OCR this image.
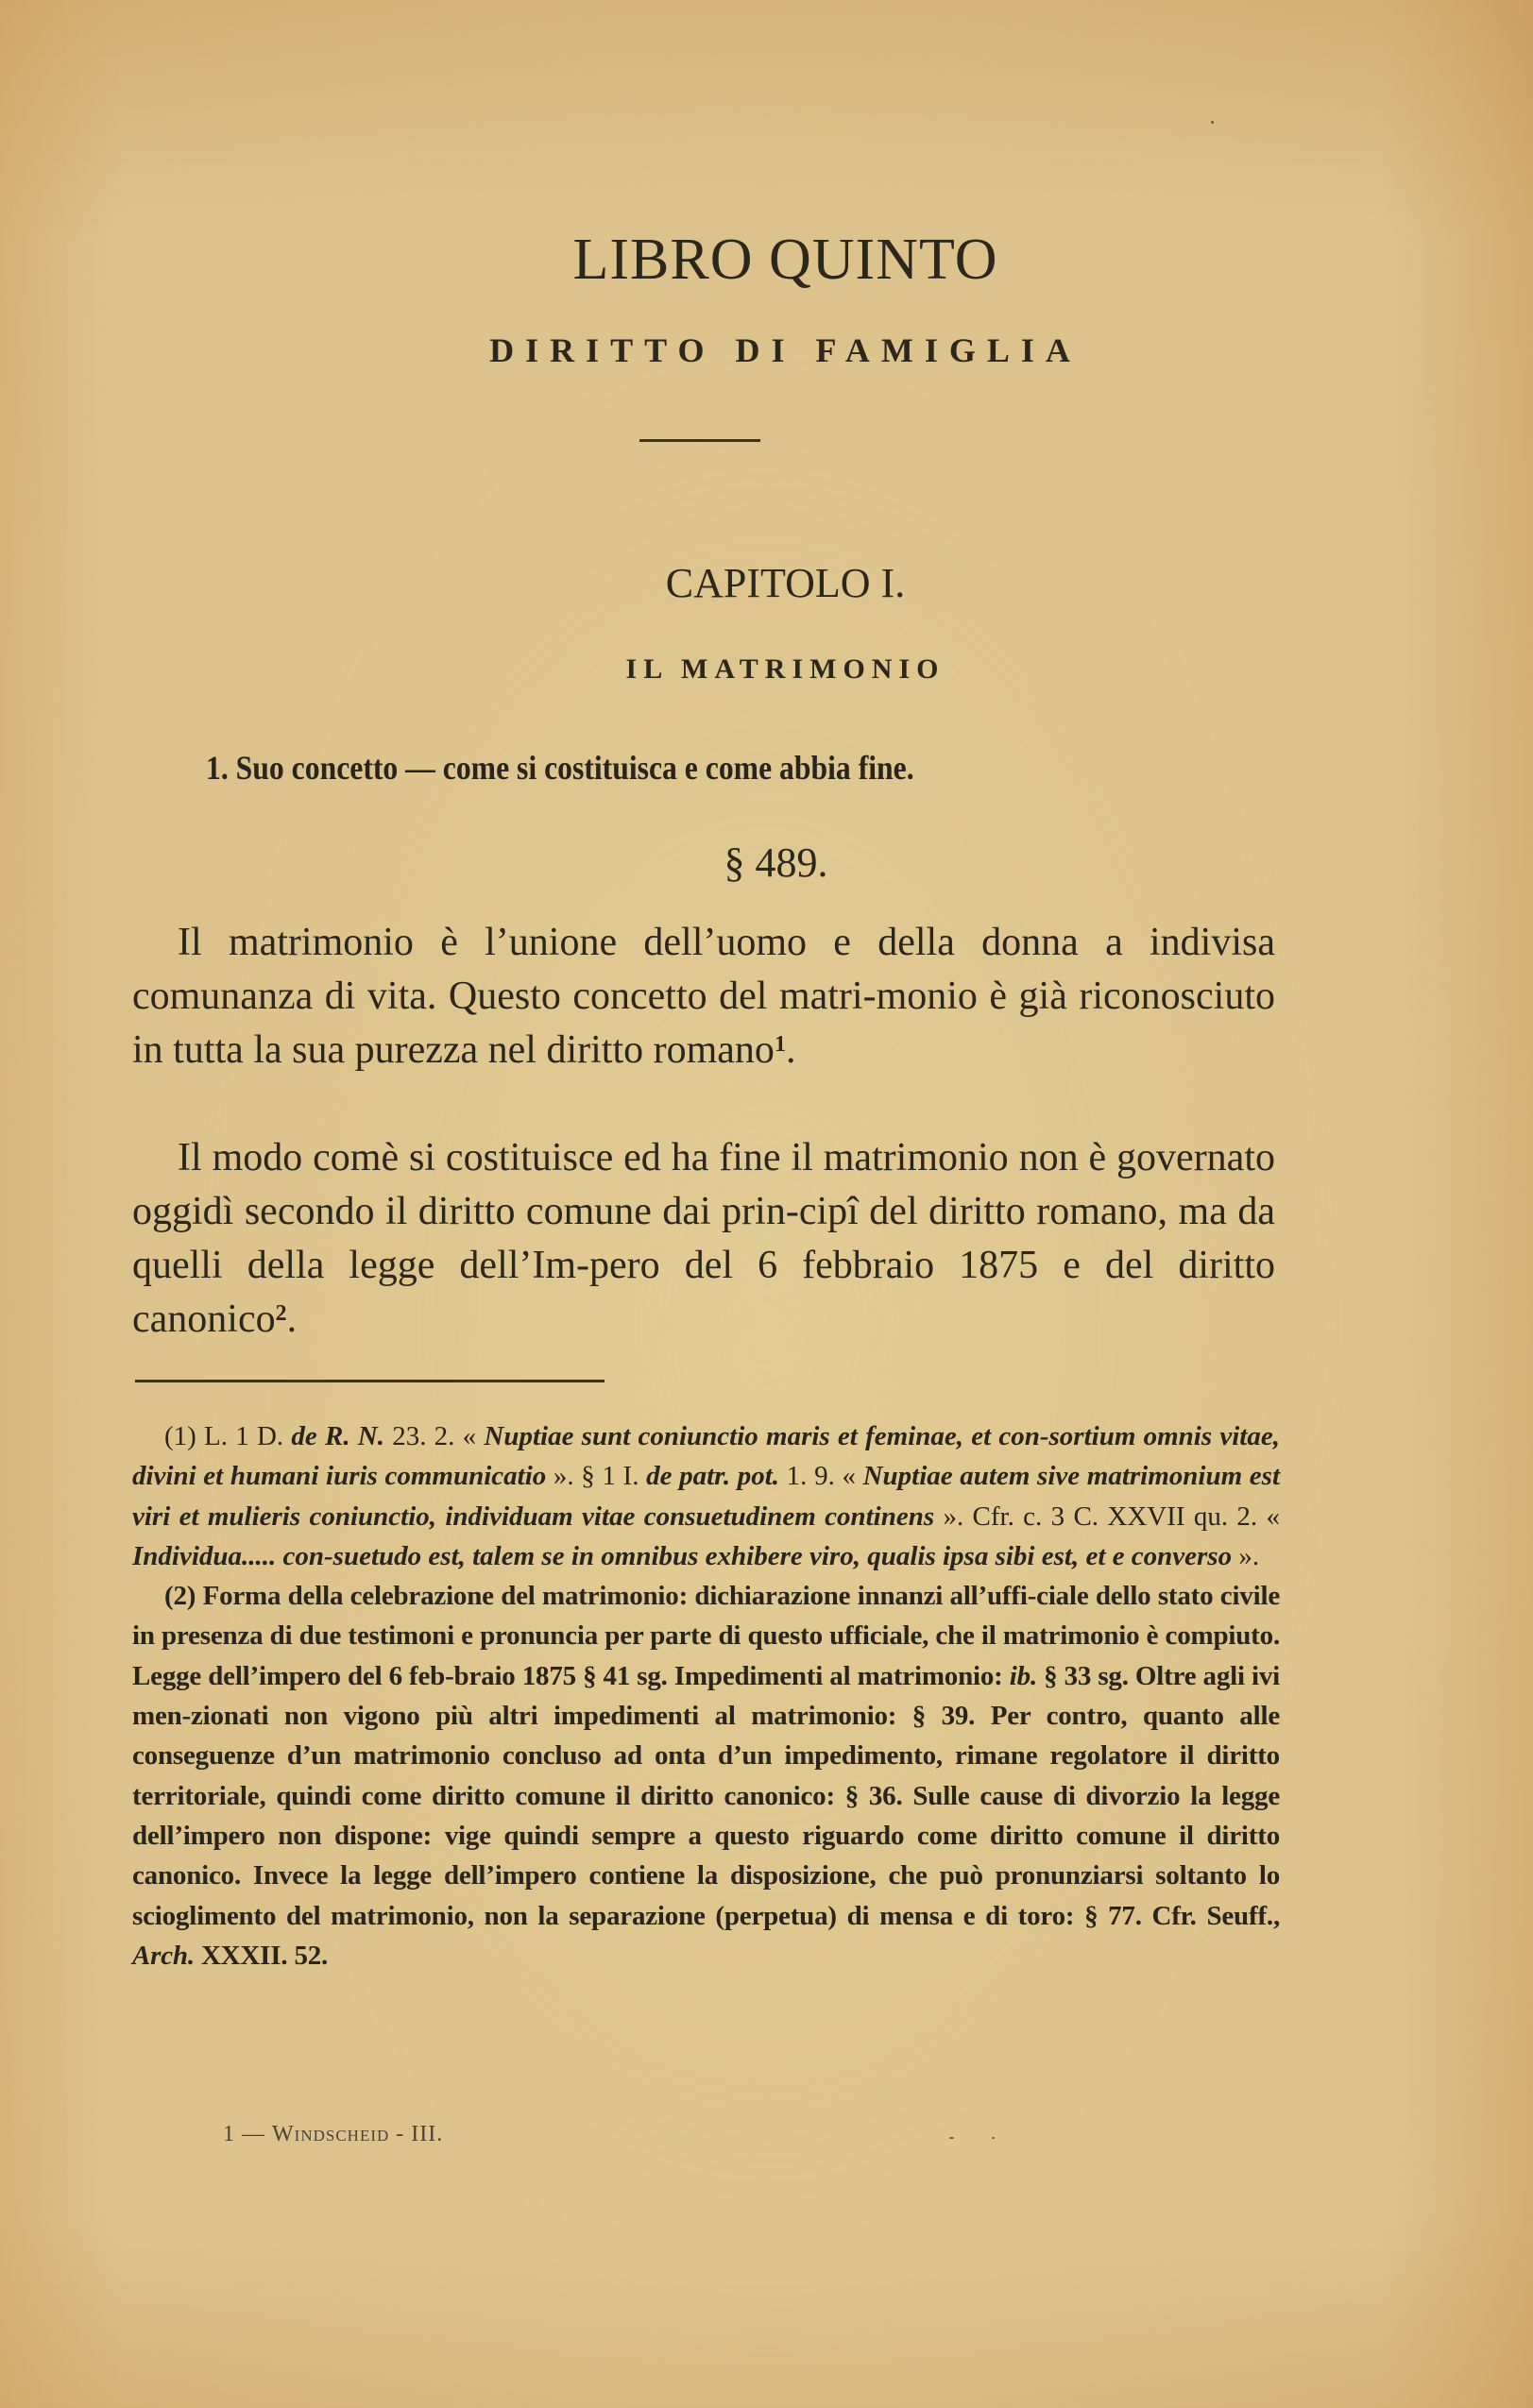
LIBRO QUINTO
DIRITTO DI FAMIGLIA
CAPITOLO I.
IL MATRIMONIO
1. Suo concetto — come si costituisca e come abbia fine.
§ 489.

Il matrimonio è l’unione dell’uomo e della donna a indivisa comunanza di vita. Questo concetto del matri-monio è già riconosciuto in tutta la sua purezza nel diritto romano$^1$.

Il modo comè si costituisce ed ha fine il matrimonio non è governato oggidì secondo il diritto comune dai prin-cipî del diritto romano, ma da quelli della legge dell’Im-pero del 6 febbraio 1875 e del diritto canonico$^2$.

(1) L. 1 D. de R. N. 23. 2. « Nuptiae sunt coniunctio maris et feminae, et con-sortium omnis vitae, divini et humani iuris communicatio ». § 1 I. de patr. pot. 1. 9. « Nuptiae autem sive matrimonium est viri et mulieris coniunctio, individuam vitae consuetudinem continens ». Cfr. c. 3 C. XXVII qu. 2. « Individua..... con-suetudo est, talem se in omnibus exhibere viro, qualis ipsa sibi est, et e converso ».

(2) Forma della celebrazione del matrimonio: dichiarazione innanzi all’uffi-ciale dello stato civile in presenza di due testimoni e pronuncia per parte di questo ufficiale, che il matrimonio è compiuto. Legge dell’impero del 6 feb-braio 1875 § 41 sg. Impedimenti al matrimonio: ib. § 33 sg. Oltre agli ivi men-zionati non vigono più altri impedimenti al matrimonio: § 39. Per contro, quanto alle conseguenze d’un matrimonio concluso ad onta d’un impedimento, rimane regolatore il diritto territoriale, quindi come diritto comune il diritto canonico: § 36. Sulle cause di divorzio la legge dell’impero non dispone: vige quindi sempre a questo riguardo come diritto comune il diritto canonico. Invece la legge dell’impero contiene la disposizione, che può pronunziarsi soltanto lo scioglimento del matrimonio, non la separazione (perpetua) di mensa e di toro: § 77. Cfr. Seuff., Arch. XXXII. 52.

1 — Windscheid - III.
